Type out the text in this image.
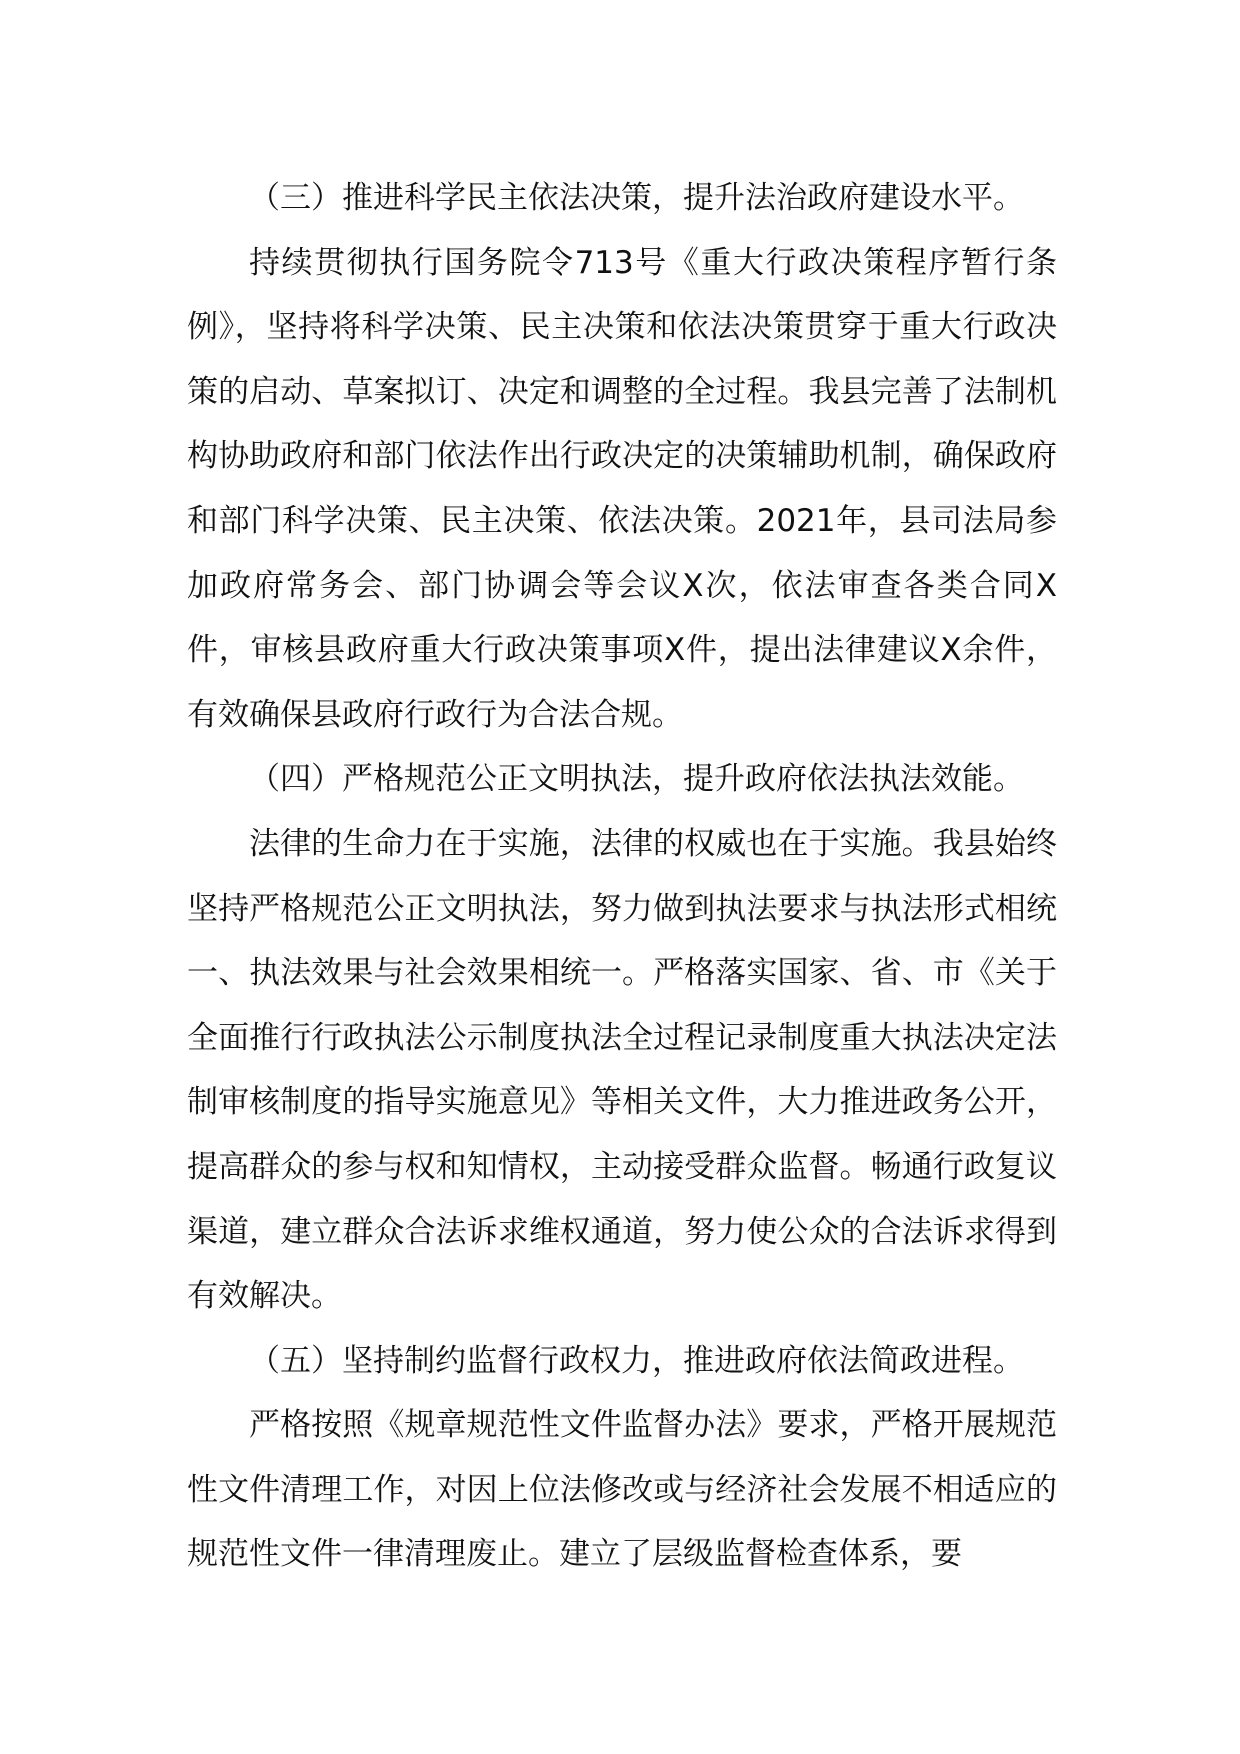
（三）推进科学民主依法决策，提升法治政府建设水平。

持续贯彻执行国务院令713号《重大行政决策程序暂行条例》，坚持将科学决策、民主决策和依法决策贯穿于重大行政决策的启动、草案拟订、决定和调整的全过程。我县完善了法制机构协助政府和部门依法作出行政决定的决策辅助机制，确保政府和部门科学决策、民主决策、依法决策。2021年，县司法局参加政府常务会、部门协调会等会议X次，依法审查各类合同X件，审核县政府重大行政决策事项X件，提出法律建议X余件，有效确保县政府行政行为合法合规。

（四）严格规范公正文明执法，提升政府依法执法效能。

法律的生命力在于实施，法律的权威也在于实施。我县始终坚持严格规范公正文明执法，努力做到执法要求与执法形式相统一、执法效果与社会效果相统一。严格落实国家、省、市《关于全面推行行政执法公示制度执法全过程记录制度重大执法决定法制审核制度的指导实施意见》等相关文件，大力推进政务公开，提高群众的参与权和知情权，主动接受群众监督。畅通行政复议渠道，建立群众合法诉求维权通道，努力使公众的合法诉求得到有效解决。

（五）坚持制约监督行政权力，推进政府依法简政进程。

严格按照《规章规范性文件监督办法》要求，严格开展规范性文件清理工作，对因上位法修改或与经济社会发展不相适应的规范性文件一律清理废止。建立了层级监督检查体系，要
